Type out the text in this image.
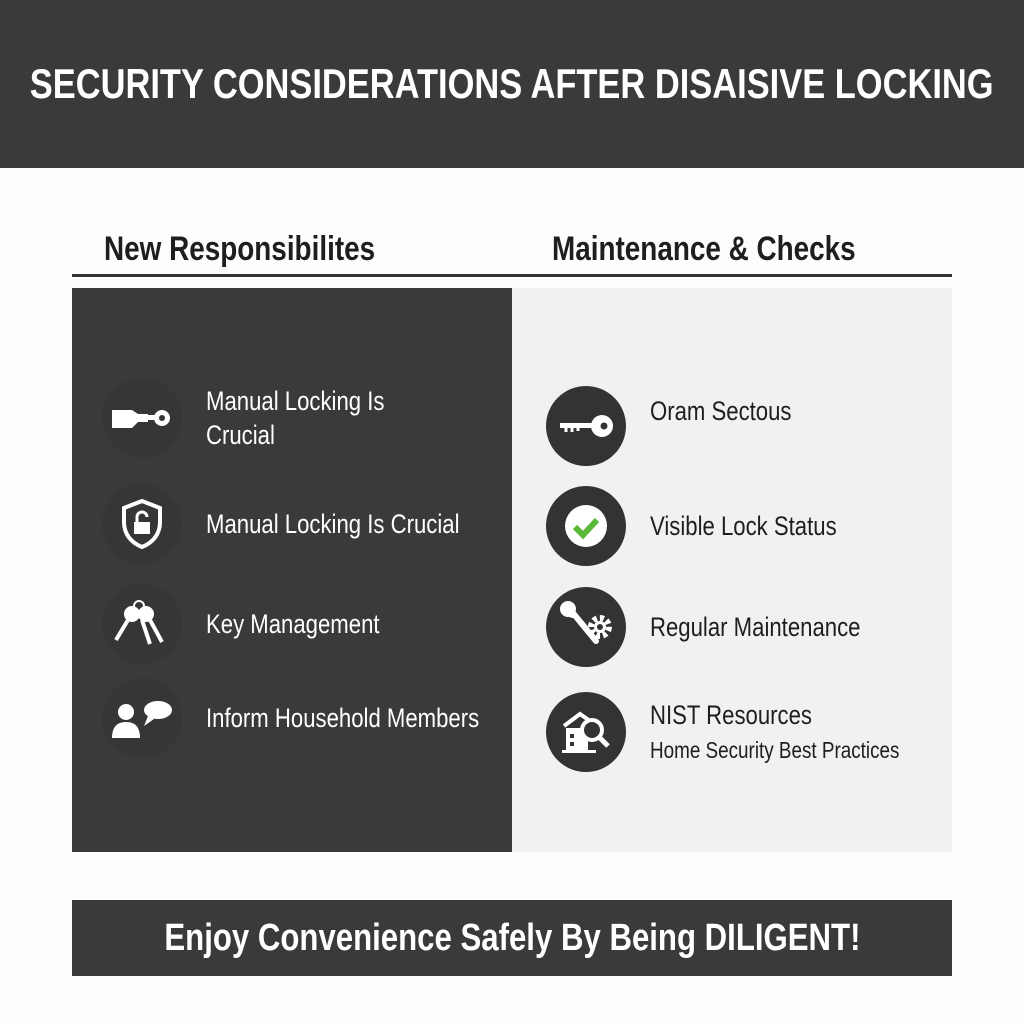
SECURITY CONSIDERATIONS AFTER DISAISIVE LOCKING
New Responsibilites	Maintenance & Checks
Manual Locking Is
Crucial
Manual Locking Is Crucial
Key Management
Inform Household Members
Oram Sectous
Visible Lock Status
Regular Maintenance
NIST Resources
Home Security Best Practices
Enjoy Convenience Safely By Being DILIGENT!
